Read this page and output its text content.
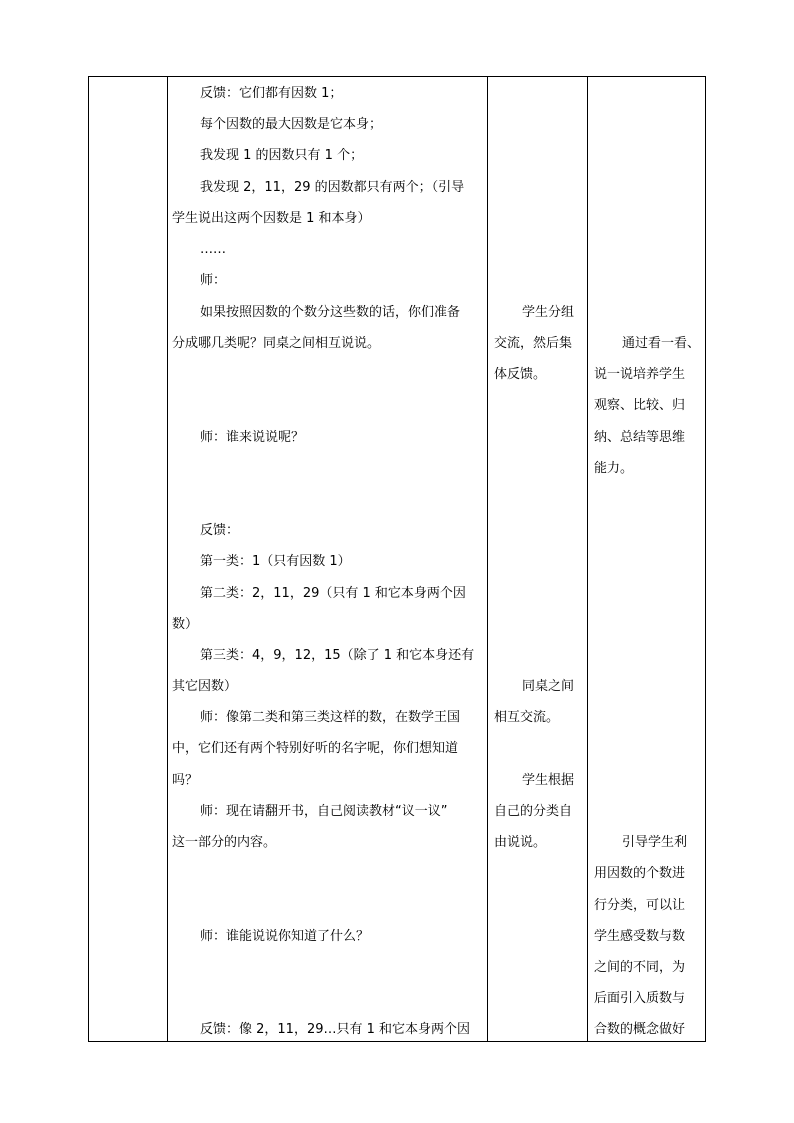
反馈：它们都有因数 1；
每个因数的最大因数是它本身；
我发现 1 的因数只有 1 个；
我发现 2，11，29 的因数都只有两个；（引导
学生说出这两个因数是 1 和本身）
……
师：
如果按照因数的个数分这些数的话，你们准备
分成哪几类呢？同桌之间相互说说。
师：谁来说说呢？
反馈：
第一类：1（只有因数 1）
第二类：2，11，29（只有 1 和它本身两个因
数）
第三类：4，9，12，15（除了 1 和它本身还有
其它因数）
师：像第二类和第三类这样的数，在数学王国
中，它们还有两个特别好听的名字呢，你们想知道
吗？
师：现在请翻开书，自己阅读教材“议一议”
这一部分的内容。
师：谁能说说你知道了什么？
反馈：像 2，11，29…只有 1 和它本身两个因
学生分组
交流，然后集
体反馈。
同桌之间
相互交流。
学生根据
自己的分类自
由说说。
通过看一看、
说一说培养学生
观察、比较、归
纳、总结等思维
能力。
引导学生利
用因数的个数进
行分类，可以让
学生感受数与数
之间的不同，为
后面引入质数与
合数的概念做好
